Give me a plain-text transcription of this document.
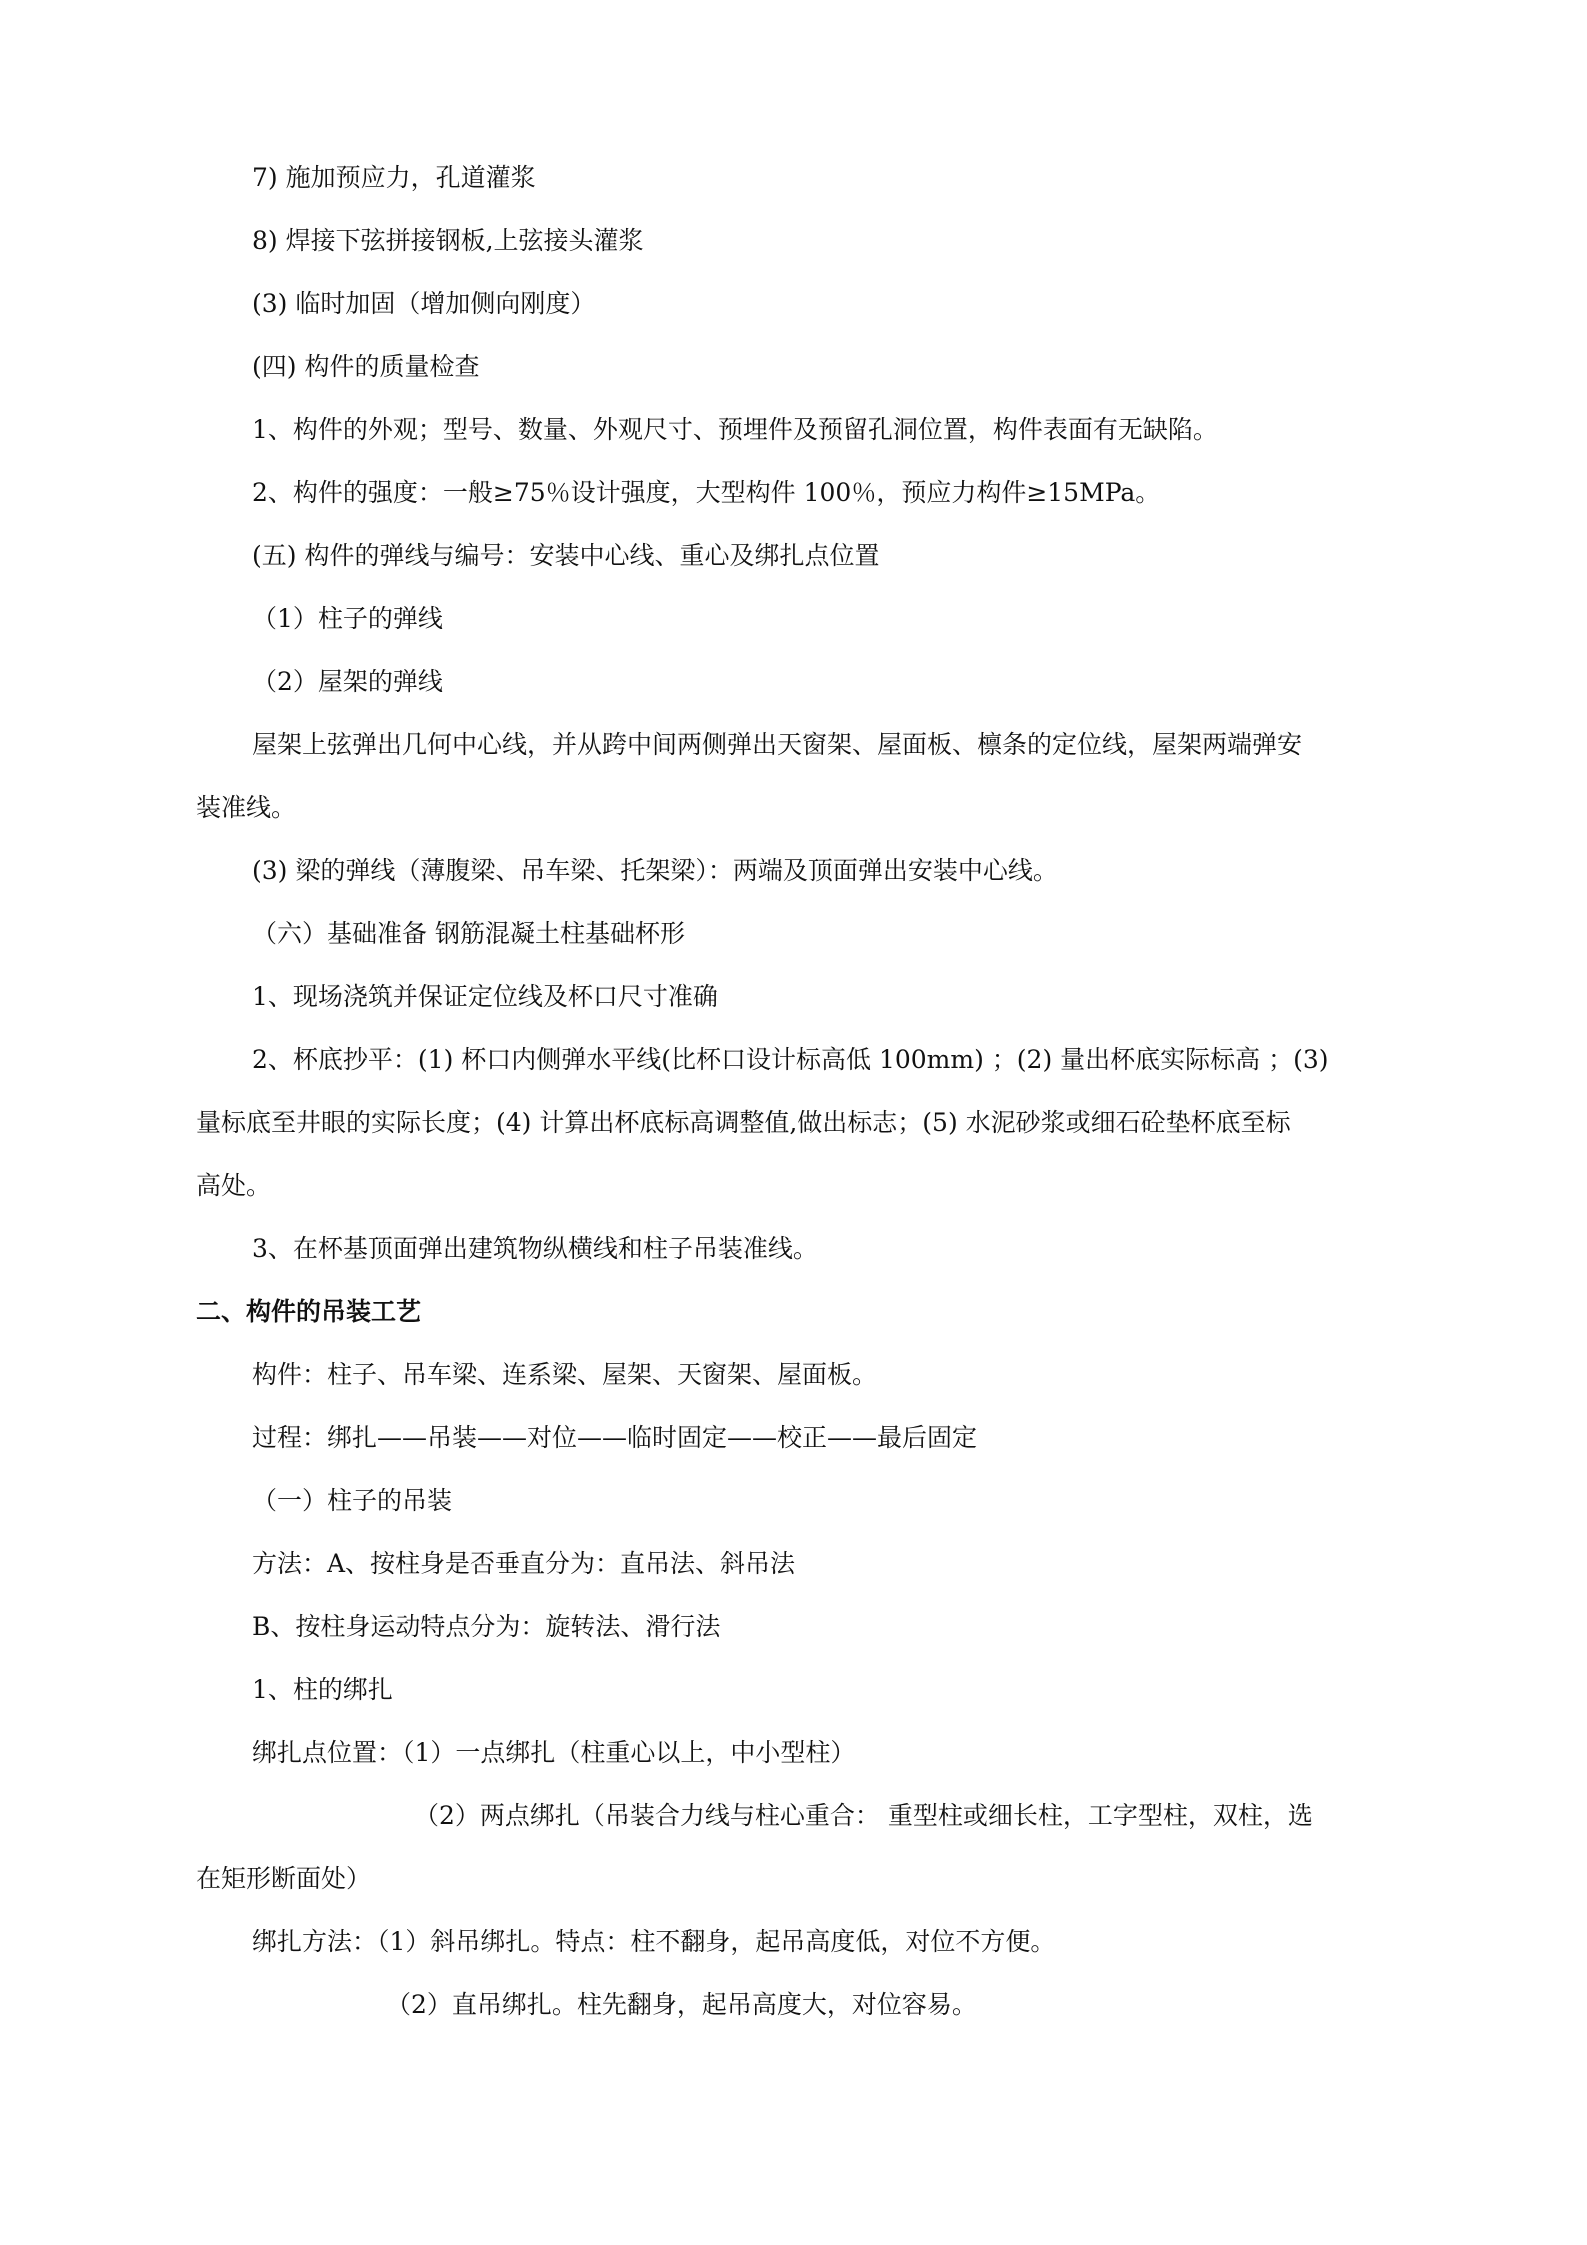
7) 施加预应力，孔道灌浆
8) 焊接下弦拼接钢板,上弦接头灌浆
(3) 临时加固（增加侧向刚度）
(四) 构件的质量检查
1、构件的外观；型号、数量、外观尺寸、预埋件及预留孔洞位置，构件表面有无缺陷。
2、构件的强度：一般≥75％设计强度，大型构件 100％，预应力构件≥15MPa。
(五) 构件的弹线与编号：安装中心线、重心及绑扎点位置
（1）柱子的弹线
（2）屋架的弹线
屋架上弦弹出几何中心线，并从跨中间两侧弹出天窗架、屋面板、檩条的定位线，屋架两端弹安
装准线。
(3) 梁的弹线（薄腹梁、吊车梁、托架梁）：两端及顶面弹出安装中心线。
（六）基础准备 钢筋混凝土柱基础杯形
1、现场浇筑并保证定位线及杯口尺寸准确
2、杯底抄平：(1) 杯口内侧弹水平线(比杯口设计标高低 100mm) ；(2) 量出杯底实际标高 ；(3)
量标底至井眼的实际长度；(4) 计算出杯底标高调整值,做出标志；(5) 水泥砂浆或细石砼垫杯底至标
高处。
3、在杯基顶面弹出建筑物纵横线和柱子吊装准线。
二、构件的吊装工艺
构件：柱子、吊车梁、连系梁、屋架、天窗架、屋面板。
过程：绑扎——吊装——对位——临时固定——校正——最后固定
（一）柱子的吊装
方法：A、按柱身是否垂直分为：直吊法、斜吊法
B、按柱身运动特点分为：旋转法、滑行法
1、柱的绑扎
绑扎点位置：（1）一点绑扎（柱重心以上，中小型柱）
（2）两点绑扎（吊装合力线与柱心重合： 重型柱或细长柱，工字型柱，双柱，选
在矩形断面处）
绑扎方法：（1）斜吊绑扎。特点：柱不翻身，起吊高度低，对位不方便。
（2）直吊绑扎。柱先翻身，起吊高度大，对位容易。
